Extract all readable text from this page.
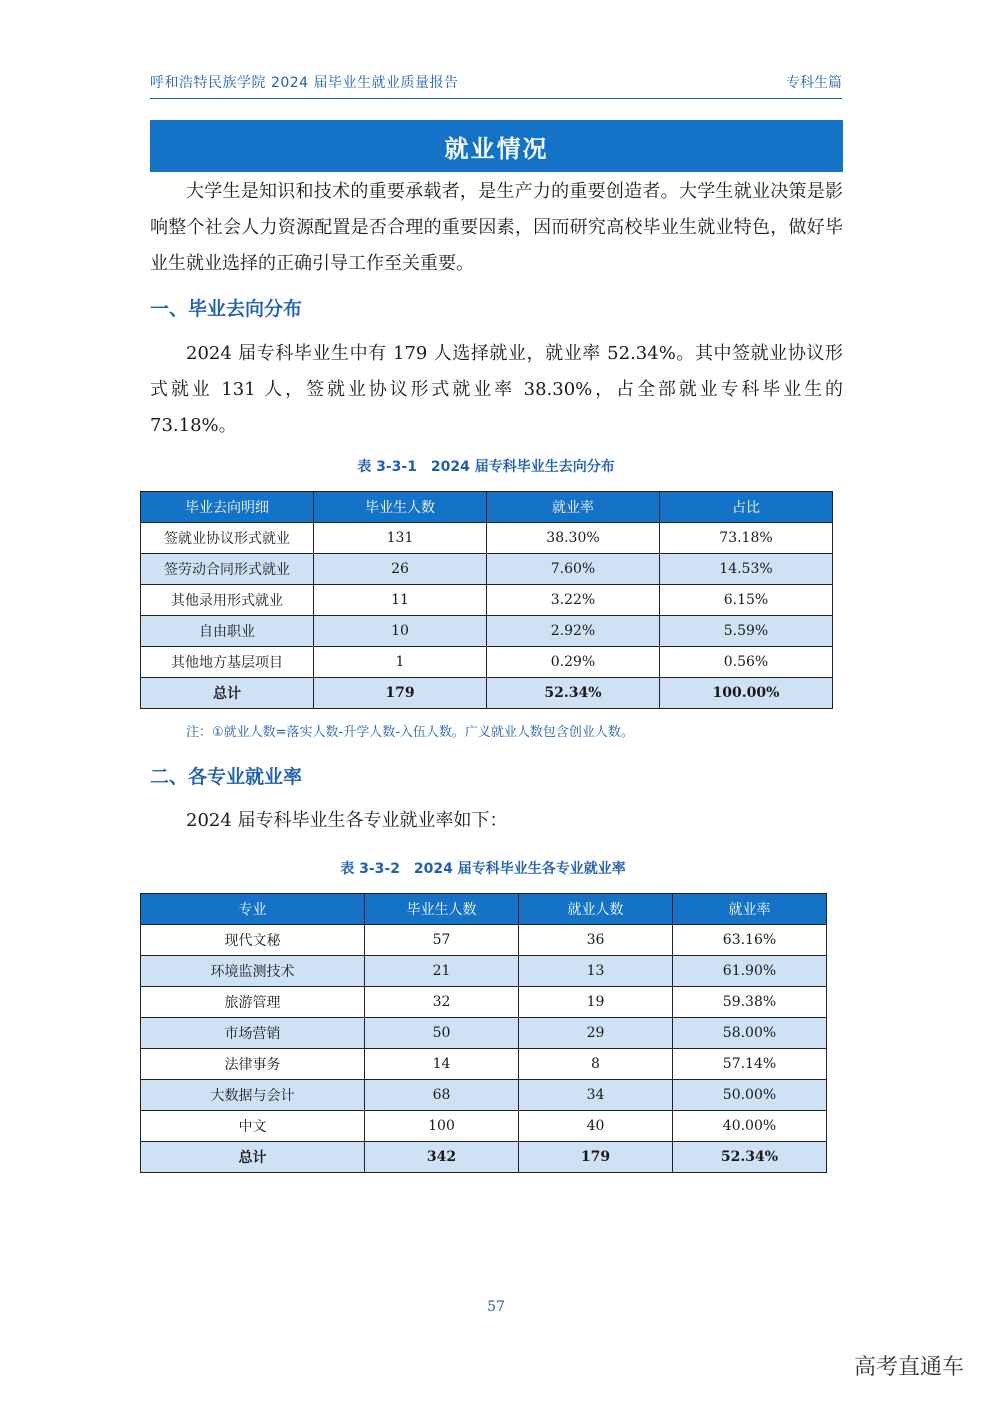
呼和浩特民族学院 2024 届毕业生就业质量报告	专科生篇
就业情况

大学生是知识和技术的重要承载者，是生产力的重要创造者。大学生就业决策是影响整个社会人力资源配置是否合理的重要因素，因而研究高校毕业生就业特色，做好毕业生就业选择的正确引导工作至关重要。

一、毕业去向分布

2024 届专科毕业生中有 179 人选择就业，就业率 52.34%。其中签就业协议形式就业 131 人，签就业协议形式就业率 38.30%，占全部就业专科毕业生的 73.18%。

表 3-3-1　2024 届专科毕业生去向分布
毕业去向明细	毕业生人数	就业率	占比
签就业协议形式就业	131	38.30%	73.18%
签劳动合同形式就业	26	7.60%	14.53%
其他录用形式就业	11	3.22%	6.15%
自由职业	10	2.92%	5.59%
其他地方基层项目	1	0.29%	0.56%
总计	179	52.34%	100.00%
注：①就业人数=落实人数-升学人数-入伍人数。广义就业人数包含创业人数。
二、各专业就业率

2024 届专科毕业生各专业就业率如下：

表 3-3-2　2024 届专科毕业生各专业就业率
专业	毕业生人数	就业人数	就业率
现代文秘	57	36	63.16%
环境监测技术	21	13	61.90%
旅游管理	32	19	59.38%
市场营销	50	29	58.00%
法律事务	14	8	57.14%
大数据与会计	68	34	50.00%
中文	100	40	40.00%
总计	342	179	52.34%
57
高考直通车
